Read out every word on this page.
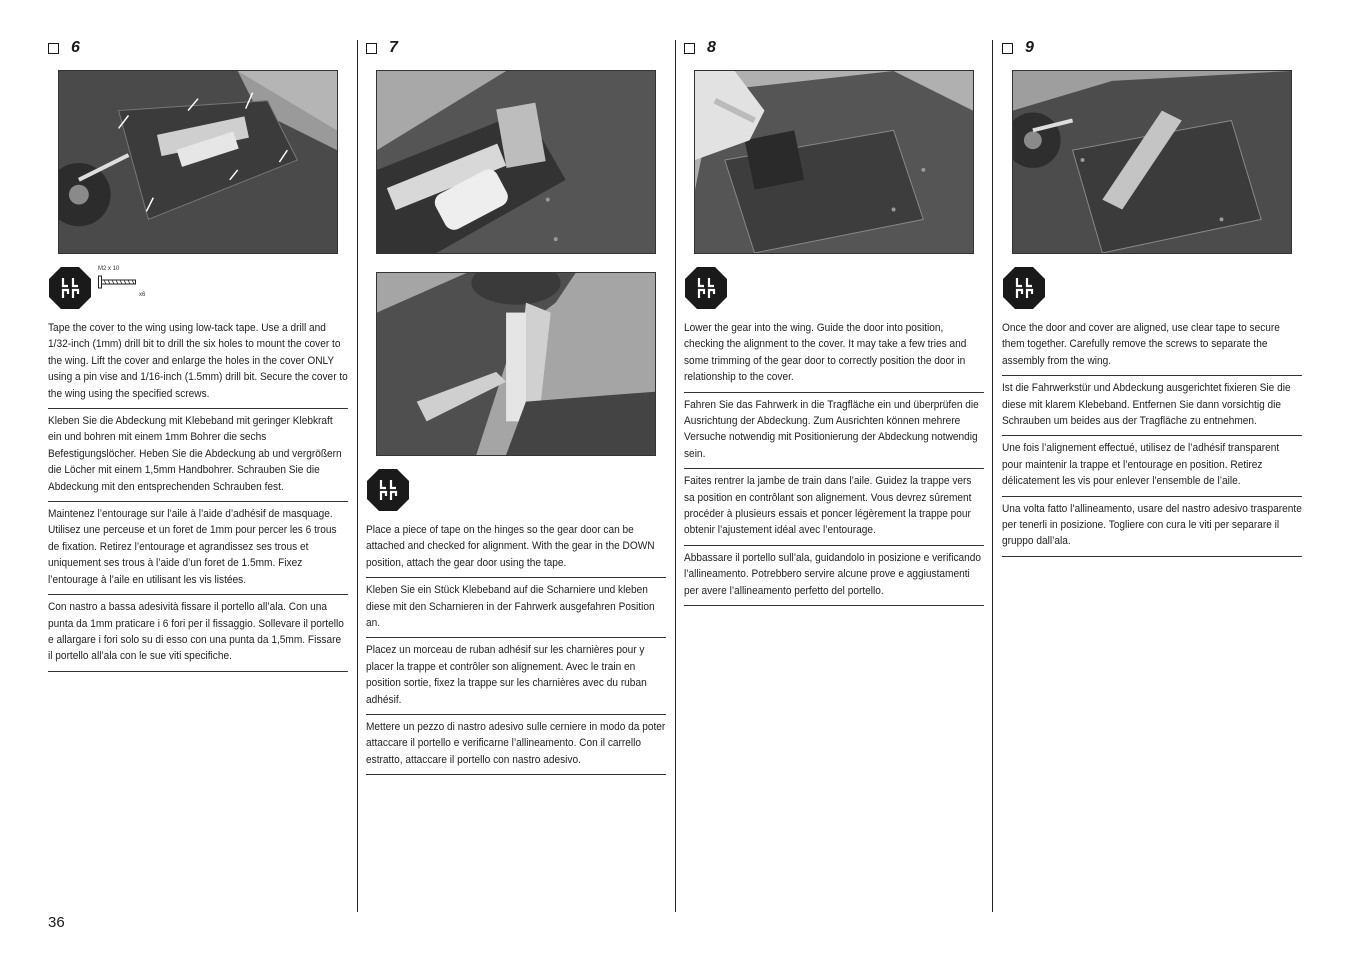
6
M2 x 10
x6

Tape the cover to the wing using low-tack tape. Use a drill and 1/32-inch (1mm) drill bit to drill the six holes to mount the cover to the wing. Lift the cover and enlarge the holes in the cover ONLY using a pin vise and 1/16-inch (1.5mm) drill bit. Secure the cover to the wing using the specified screws.

Kleben Sie die Abdeckung mit Klebeband mit geringer Klebkraft ein und bohren mit einem 1mm Bohrer die sechs Befestigungslöcher. Heben Sie die Abdeckung ab und vergrößern die Löcher mit einem 1,5mm Handbohrer. Schrauben Sie die Abdeckung mit den entsprechenden Schrauben fest.

Maintenez l’entourage sur l’aile à l’aide d’adhésif de masquage. Utilisez une perceuse et un foret de 1mm pour percer les 6 trous de fixation. Retirez l’entourage et agrandissez ses trous et uniquement ses trous à l’aide d’un foret de 1.5mm. Fixez l’entourage à l’aile en utilisant les vis listées.

Con nastro a bassa adesività fissare il portello all’ala. Con una punta da 1mm praticare i 6 fori per il fissaggio. Sollevare il portello e allargare i fori solo su di esso con una punta da 1,5mm. Fissare il portello all’ala con le sue viti specifiche.

7

Place a piece of tape on the hinges so the gear door can be attached and checked for alignment. With the gear in the DOWN position, attach the gear door using the tape.

Kleben Sie ein Stück Klebeband auf die Scharniere und kleben diese mit den Scharnieren in der Fahrwerk ausgefahren Position an.

Placez un morceau de ruban adhésif sur les charnières pour y placer la trappe et contrôler son alignement. Avec le train en position sortie, fixez la trappe sur les charnières avec du ruban adhésif.

Mettere un pezzo di nastro adesivo sulle cerniere in modo da poter attaccare il portello e verificarne l’allineamento. Con il carrello estratto, attaccare il portello con nastro adesivo.

8

Lower the gear into the wing. Guide the door into position, checking the alignment to the cover. It may take a few tries and some trimming of the gear door to correctly position the door in relationship to the cover.

Fahren Sie das Fahrwerk in die Tragfläche ein und überprüfen die Ausrichtung der Abdeckung. Zum Ausrichten können mehrere Versuche notwendig mit Positionierung der Abdeckung notwendig sein.

Faites rentrer la jambe de train dans l’aile. Guidez la trappe vers sa position en contrôlant son alignement. Vous devrez sûrement procéder à plusieurs essais et poncer légèrement la trappe pour obtenir l’ajustement idéal avec l’entourage.

Abbassare il portello sull’ala, guidandolo in posizione e verificando l’allineamento. Potrebbero servire alcune prove e aggiustamenti per avere l’allineamento perfetto del portello.

9

Once the door and cover are aligned, use clear tape to secure them together. Carefully remove the screws to separate the assembly from the wing.

Ist die Fahrwerkstür und Abdeckung ausgerichtet fixieren Sie die diese mit klarem Klebeband. Entfernen Sie dann vorsichtig die Schrauben um beides aus der Tragfläche zu entnehmen.

Une fois l’alignement effectué, utilisez de l’adhésif transparent pour maintenir la trappe et l’entourage en position. Retirez délicatement les vis pour enlever l’ensemble de l’aile.

Una volta fatto l’allineamento, usare del nastro adesivo trasparente per tenerli in posizione. Togliere con cura le viti per separare il gruppo dall’ala.

36
